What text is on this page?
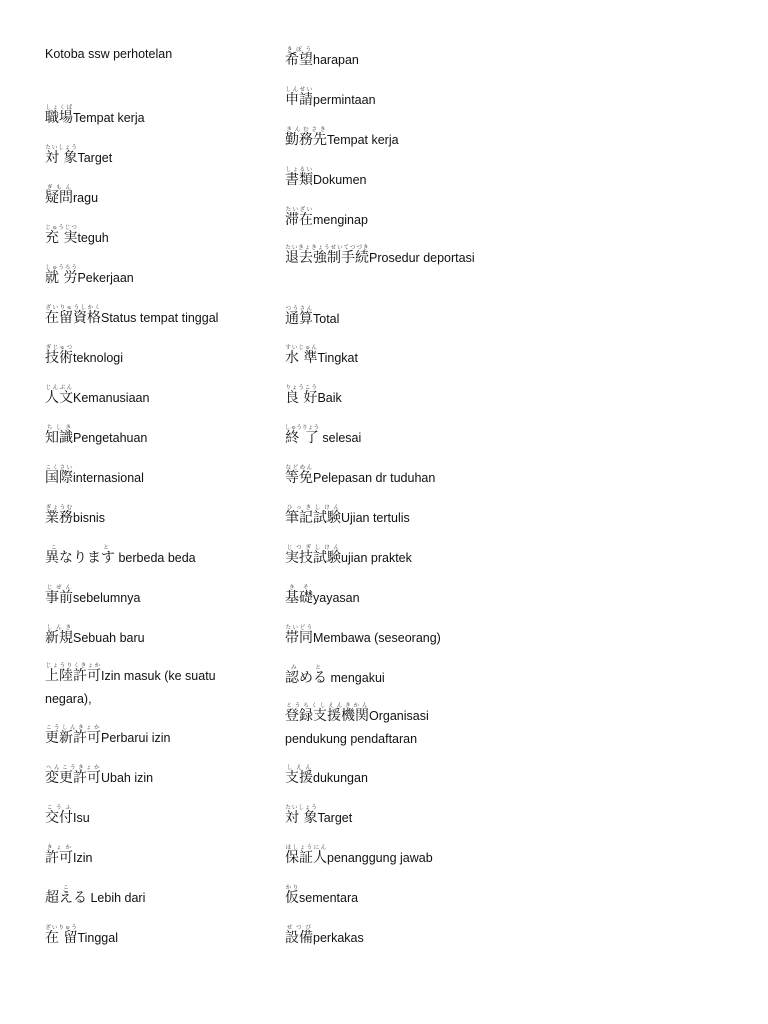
Kotoba ssw perhotelan
職場しょくばTempat kerja
対 象たいしょうTarget
疑問ぎもんragu
充 実じゅうじつteguh
就 労しゅうろうPekerjaan
在留資格ざいりゅうしかくStatus tempat tinggal
技術ぎじゅつteknologi
人文じんぶんKemanusiaan
知識ちしきPengetahuan
国際こくさいinternasional
業務ぎょうむbisnis
異なりますこと berbeda beda
事前じぜんsebelumnya
新規しんきSebuah baru
上陸許可じょうりくきょかIzin masuk (ke suatu negara),
更新許可こうしんきょかPerbarui izin
変更許可へんこうきょかUbah izin
交付こうふIsu
許可きょかIzin
超えるこ Lebih dari
在 留ざいりゅうTinggal
希望きぼうharapan
申請しんせいpermintaan
勤務先きんむさきTempat kerja
書類しょるいDokumen
滞在たいざいmenginap
退去強制手続たいきょきょうせいてつづきProsedur deportasi
通算つうさんTotal
水 準すいじゅんTingkat
良 好りょうこうBaik
終 了しゅうりょう selesai
等免などめんPelepasan dr tuduhan
筆記試験ひっきしけんUjian tertulis
実技試験じつぎしけんujian praktek
基礎きそyayasan
帯同たいどうMembawa (seseorang)
認めるみと mengakui
登録支援機関とうろくしえんきかんOrganisasi pendukung pendaftaran
支援しえんdukungan
対 象たいしょうTarget
保証人ほしょうにんpenanggung jawab
仮かりsementara
設備せつびperkakas
